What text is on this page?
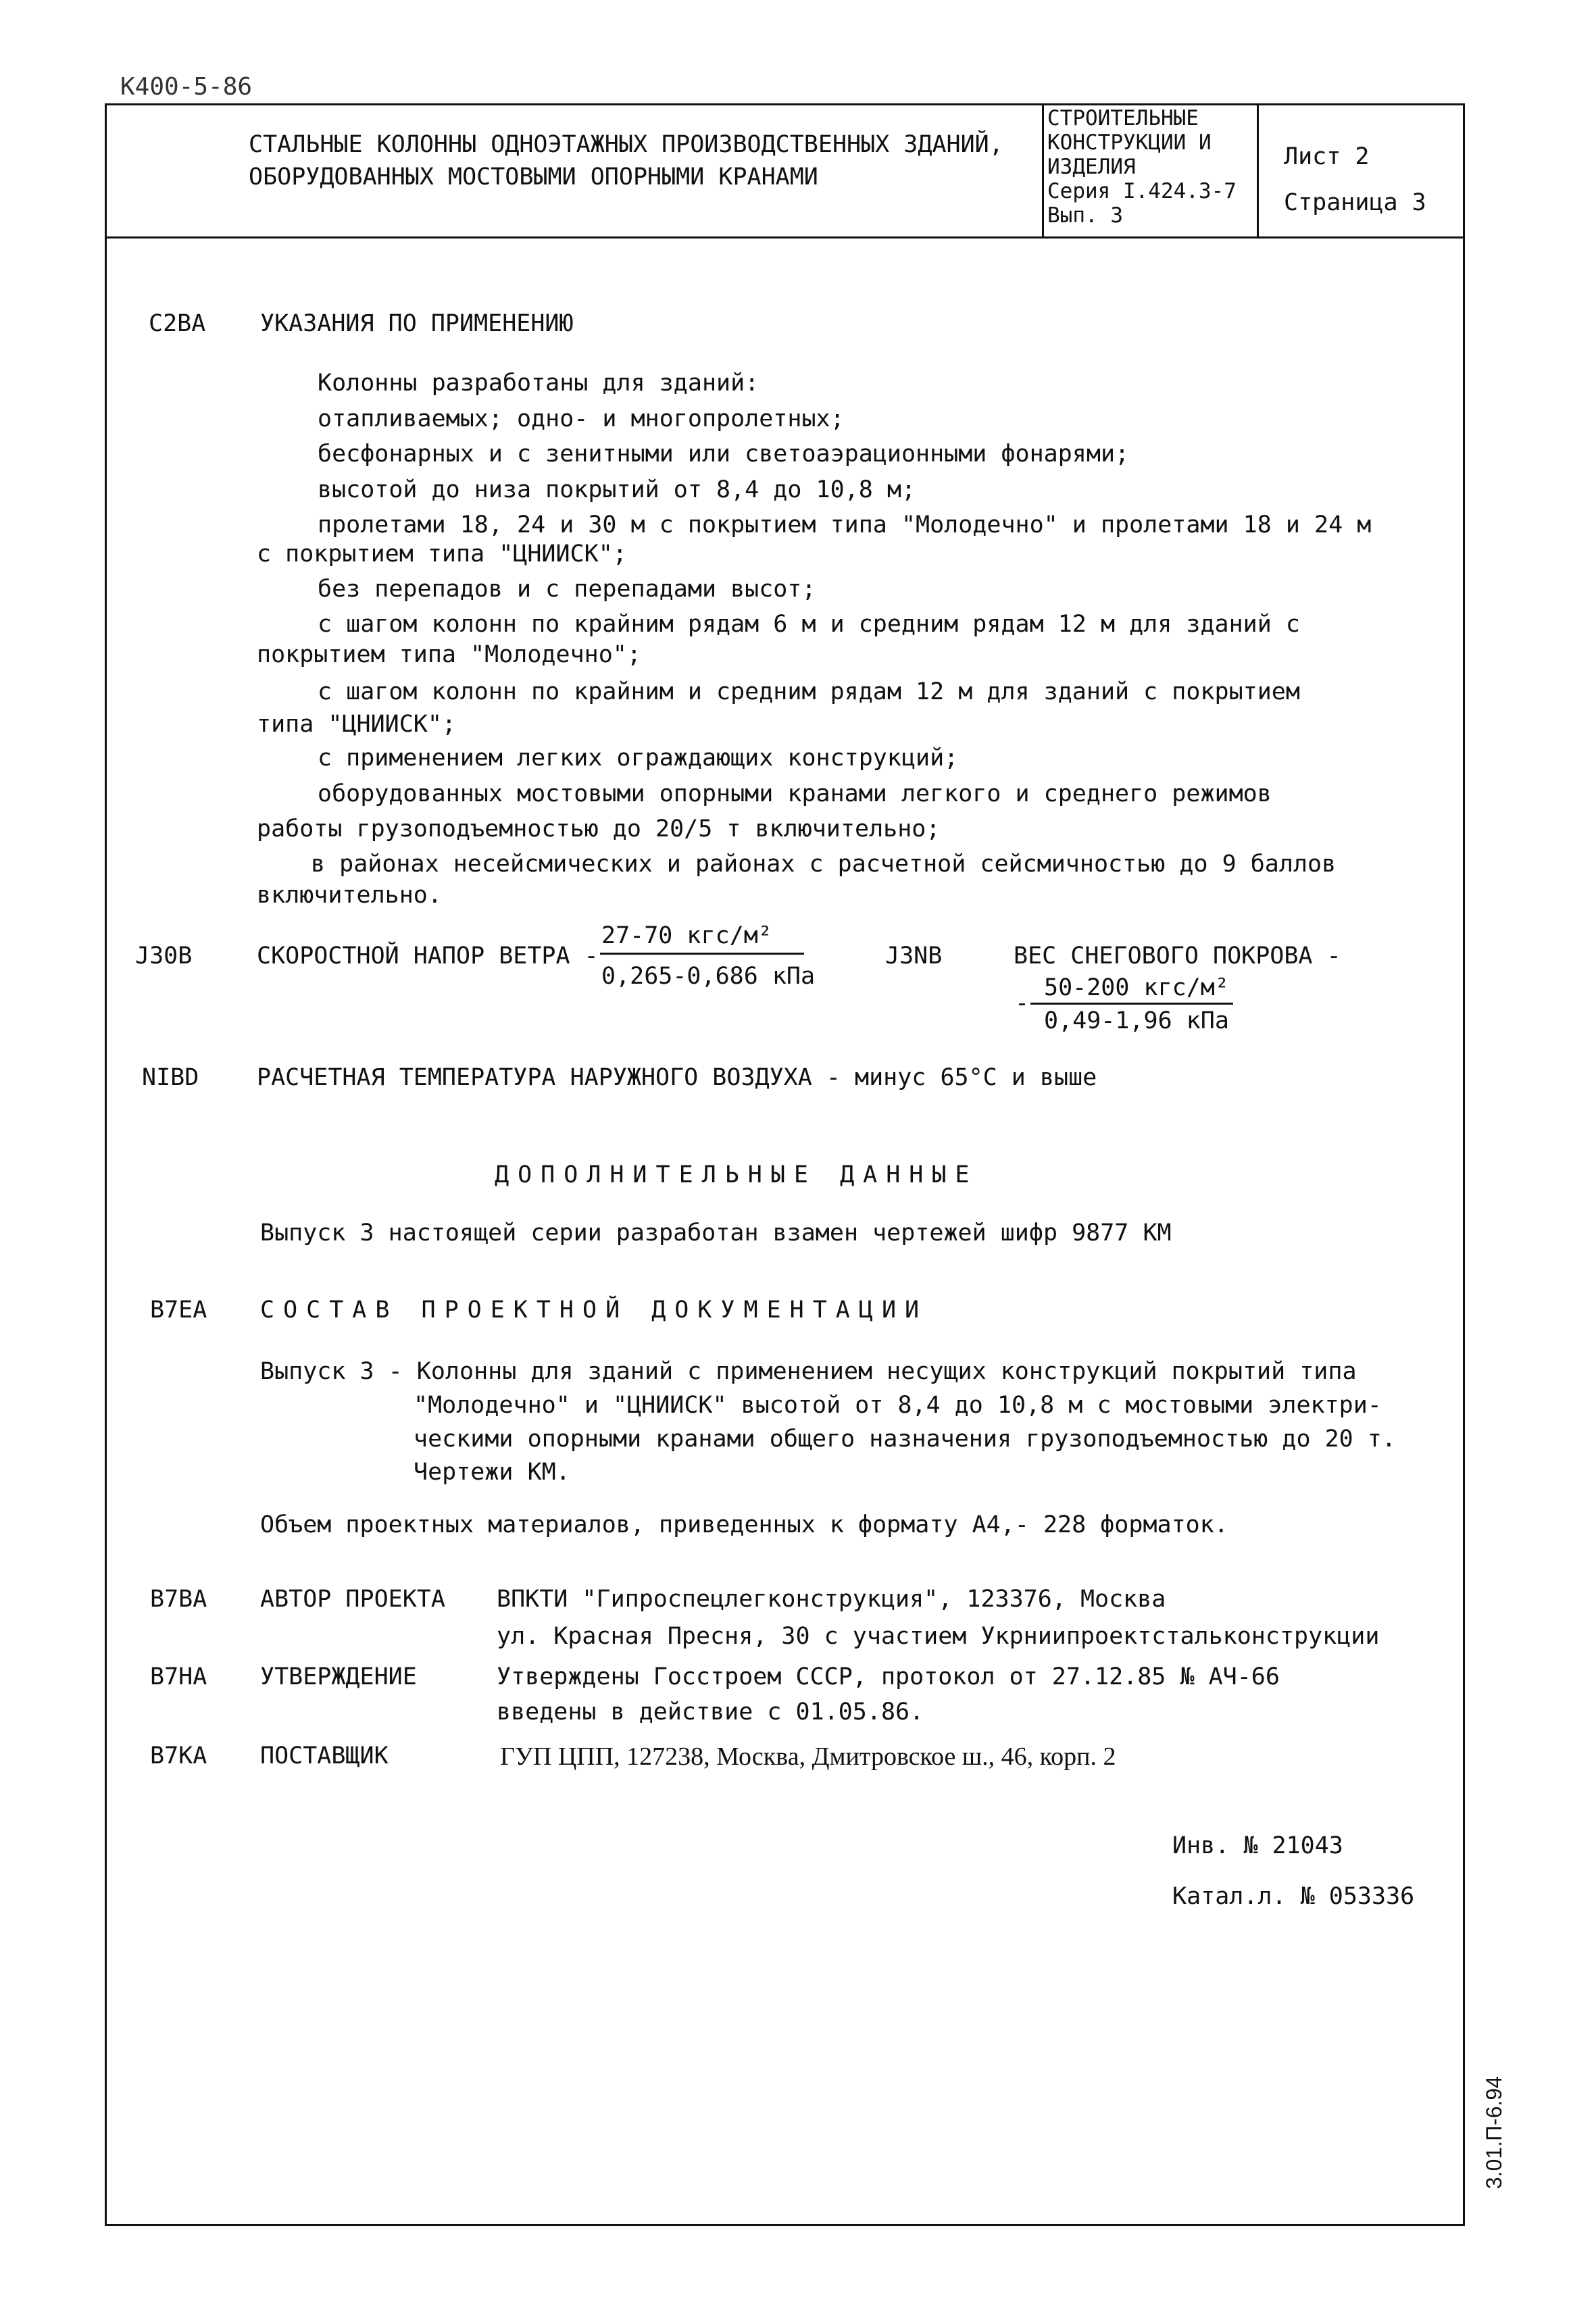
К400-5-86
СТАЛЬНЫЕ КОЛОННЫ ОДНОЭТАЖНЫХ ПРОИЗВОДСТВЕННЫХ ЗДАНИЙ,
ОБОРУДОВАННЫХ МОСТОВЫМИ ОПОРНЫМИ КРАНАМИ
СТРОИТЕЛЬНЫЕ
КОНСТРУКЦИИ И
ИЗДЕЛИЯ
Серия I.424.3-7
Вып. 3
Лист 2
Страница 3
С2ВА УКАЗАНИЯ ПО ПРИМЕНЕНИЮ
Колонны разработаны для зданий:
отапливаемых; одно- и многопролетных;
бесфонарных и с зенитными или светоаэрационными фонарями;
высотой до низа покрытий от 8,4 до 10,8 м;
пролетами 18, 24 и 30 м с покрытием типа "Молодечно" и пролетами 18 и 24 м
с покрытием типа "ЦНИИСК";
без перепадов и с перепадами высот;
с шагом колонн по крайним рядам 6 м и средним рядам 12 м для зданий с
покрытием типа "Молодечно";
с шагом колонн по крайним и средним рядам 12 м для зданий с покрытием
типа "ЦНИИСК";
с применением легких ограждающих конструкций;
оборудованных мостовыми опорными кранами легкого и среднего режимов
работы грузоподъемностью до 20/5 т включительно;
в районах несейсмических и районах с расчетной сейсмичностью до 9 баллов
включительно.
J30B	СКОРОСТНОЙ НАПОР ВЕТРА -
27-70 кгс/м²
0,265-0,686 кПа
J3NB	ВЕС СНЕГОВОГО ПОКРОВА -
-
50-200 кгс/м²
0,49-1,96 кПа
NIBD РАСЧЕТНАЯ ТЕМПЕРАТУРА НАРУЖНОГО ВОЗДУХА - минус 65°С и выше
ДОПОЛНИТЕЛЬНЫЕ ДАННЫЕ
Выпуск 3 настоящей серии разработан взамен чертежей шифр 9877 КМ
В7ЕА СОСТАВ ПРОЕКТНОЙ ДОКУМЕНТАЦИИ
Выпуск 3 - Колонны для зданий с применением несущих конструкций покрытий типа
"Молодечно" и "ЦНИИСК" высотой от 8,4 до 10,8 м с мостовыми электри-
ческими опорными кранами общего назначения грузоподъемностью до 20 т.
Чертежи КМ.
Объем проектных материалов, приведенных к формату А4,- 228 форматок.
В7ВА АВТОР ПРОЕКТА ВПКТИ "Гипроспецлегконструкция", 123376, Москва
ул. Красная Пресня, 30 с участием Укрниипроектстальконструкции
В7НА УТВЕРЖДЕНИЕ	Утверждены Госстроем СССР, протокол от 27.12.85 № АЧ-66
введены в действие с 01.05.86.
В7КА ПОСТАВЩИК	ГУП ЦПП, 127238, Москва, Дмитровское ш., 46, корп. 2
Инв. № 21043
Катал.л. № 053336
3.01.П-6.94
